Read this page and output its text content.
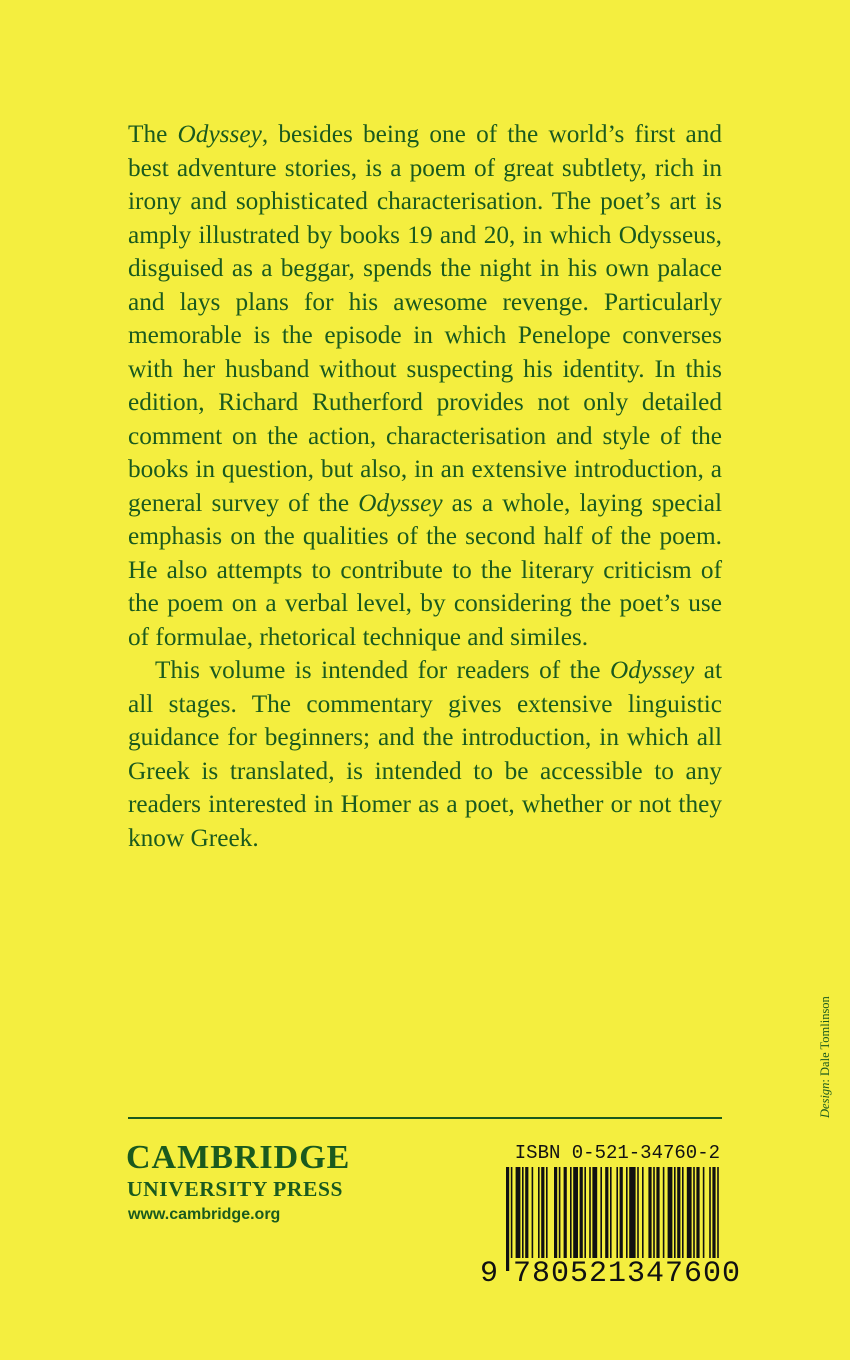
The Odyssey, besides being one of the world’s first and best adventure stories, is a poem of great subtlety, rich in irony and sophisticated characterisation. The poet’s art is amply illustrated by books 19 and 20, in which Odysseus, disguised as a beggar, spends the night in his own palace and lays plans for his awesome revenge. Particularly memorable is the episode in which Penelope converses with her husband without suspecting his identity. In this edition, Richard Rutherford provides not only detailed comment on the action, characterisation and style of the books in question, but also, in an extensive introduction, a general survey of the Odyssey as a whole, laying special emphasis on the qualities of the second half of the poem. He also attempts to contribute to the literary criticism of the poem on a verbal level, by considering the poet’s use of formulae, rhetorical technique and similes.

This volume is intended for readers of the Odyssey at all stages. The commentary gives extensive linguistic guidance for beginners; and the introduction, in which all Greek is translated, is intended to be accessible to any readers interested in Homer as a poet, whether or not they know Greek.

Design: Dale Tomlinson
CAMBRIDGE
UNIVERSITY PRESS
www.cambridge.org
ISBN 0-521-34760-2
9 780521347600
